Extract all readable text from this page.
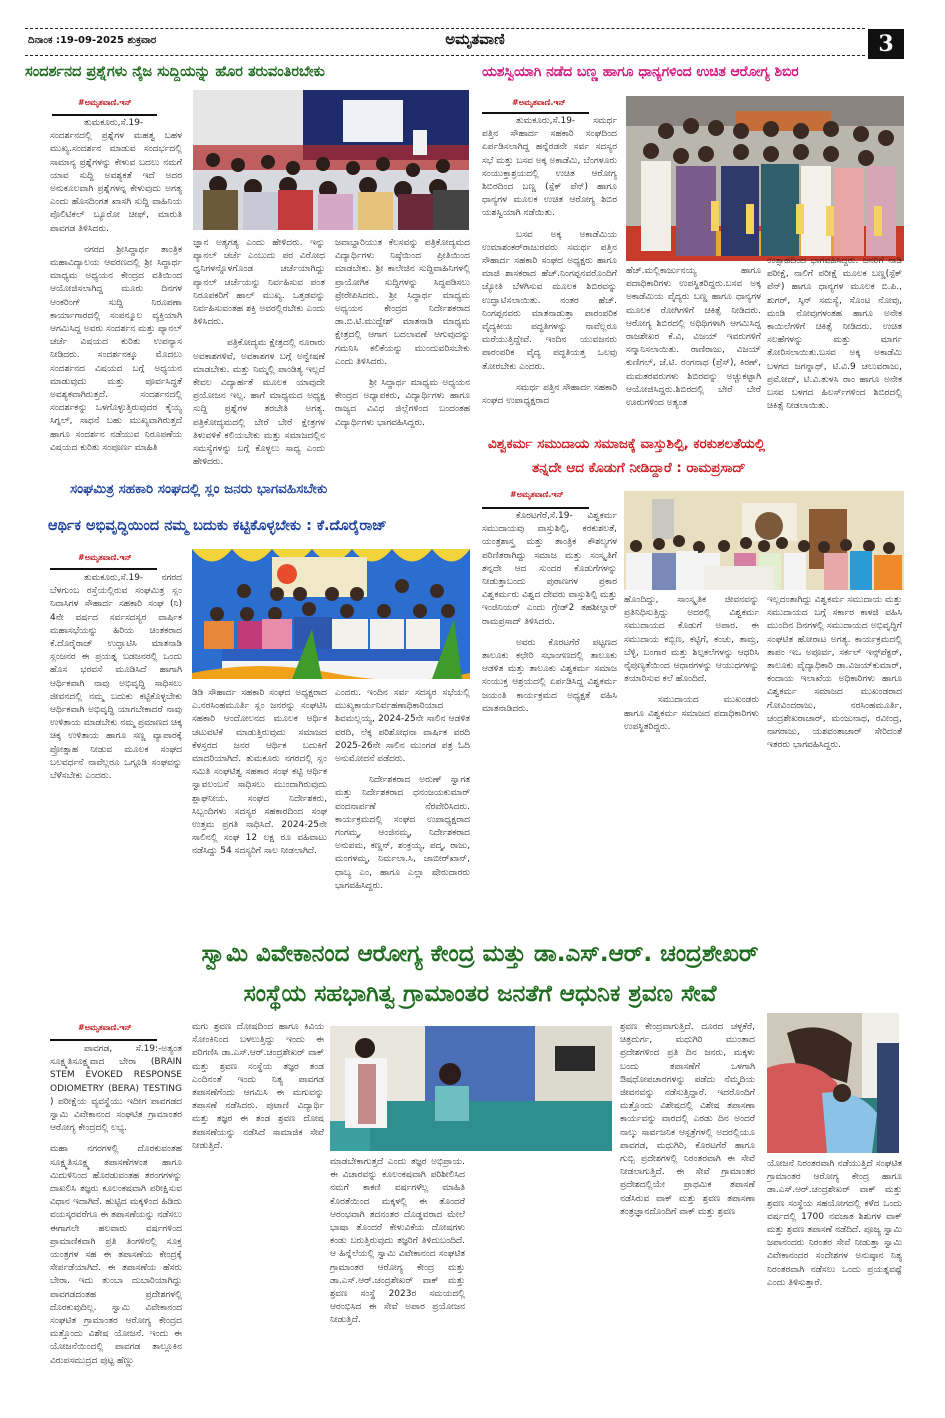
ದಿನಾಂಕ :19-09-2025 ಶುಕ್ರವಾರ	ಅಮೃತವಾಣಿ	3
ಸಂದರ್ಶನದ ಪ್ರಶ್ನೆಗಳು ನೈಜ ಸುದ್ದಿಯನ್ನು ಹೊರ ತರುವಂತಿರಬೇಕು
#ಅಮೃತವಾಣಿ.ಇನ್

ತುಮಕೂರು,ಸೆ.19- ಸಂದರ್ಶನದಲ್ಲಿ ಪ್ರಶ್ನೆಗಳ ಮಹತ್ವ ಬಹಳ ಮುಖ್ಯ.ಸಂದರ್ಶನ ಮಾಡುವ ಸಂದರ್ಭದಲ್ಲಿ ಸಾಮಾನ್ಯ ಪ್ರಶ್ನೆಗಳನ್ನು ಕೇಳುವ ಬದಲು ನಮಗೆ ಯಾವ ಸುದ್ದಿ ಅವಶ್ಯಕತೆ ಇದೆ ಅದರ ಅನುಕೂಲವಾಗಿ ಪ್ರಶ್ನೆಗಳನ್ನ ಕೇಳುವುದು ಅಗತ್ಯ ಎಂದು ಹೊಸದಿಂಗತ ಖಾಸಗಿ ಸುದ್ದಿ ವಾಹಿನಿಯ ಪೊಲಿಟಿಕಲ್ ಬ್ಯೂರೋ ಚೀಫ್, ಮಾರುತಿ ಪಾವಗಡ ತಿಳಿಸಿದರು.

ನಗರದ ಶ್ರೀಸಿದ್ಧಾರ್ಥ ತಾಂತ್ರಿಕ ಮಹಾವಿದ್ಯಾಲಯ ಆವರಣದಲ್ಲಿ ಶ್ರೀ ಸಿದ್ಧಾರ್ಥ ಮಾಧ್ಯಮ ಅಧ್ಯಯನ ಕೇಂದ್ರದ ವತಿಯಿಂದ ಆಯೋಜಿಸಲಾಗಿದ್ದ ಮೂರು ದಿನಗಳ ಆಂಕರಿಂಗ್ ಸುದ್ದಿ ನಿರೂಪಣಾ ಕಾರ್ಯಾಗಾರದಲ್ಲಿ ಸಂಪನ್ಮೂಲ ವ್ಯಕ್ತಿಯಾಗಿ ಆಗಮಿಸಿದ್ದ ಅವರು ಸಂದರ್ಶನ ಮತ್ತು ಪ್ಯಾನಲ್ ಚರ್ಚೆ ವಿಷಯದ ಕುರಿತು ಉಪನ್ಯಾಸ ನೀಡಿದರು. ಸಂದರ್ಶನಕ್ಕೂ ಮೊದಲು ಸಂದರ್ಶನದ ವಿಷಯದ ಬಗ್ಗೆ ಅಧ್ಯಯನ ಮಾಡುವುದು ಮತ್ತು ಪೂರ್ವಸಿದ್ಧತೆ ಅವಶ್ಯಕವಾಗಿರುತ್ತದೆ. ಸಂದರ್ಶನದಲ್ಲಿ ಸಂದರ್ಶಕನ್ನು ಒಳಗೊಳ್ಳುತ್ತಿರುವುದರ ಕೈಯ್ಯ ಸಿಗ್ನಲ್, ಸಾಧನೆ ಬಹು ಮುಖ್ಯವಾಗಿರುತ್ತದೆ ಹಾಗೂ ಸಂದರ್ಶನ ನಡೆಯುವ ನಿರೂಪಣೆಯ ವಿಷಯದ ಕುರಿತು ಸಂಪೂರ್ಣ ಮಾಹಿತಿ

ಜ್ಞಾನ ಅತ್ಯಗತ್ಯ ಎಂದು ಹೇಳಿದರು. ಇನ್ನು ಪ್ಯಾನಲ್ ಚರ್ಚೆ ಎಂಬುದು ಪರ ವಿರೋಧ ಧ್ವನಿಗಳನ್ನೊಳಗೊಂಡ ಚರ್ಚೆಯಾಗಿದ್ದು ಪ್ಯಾನಲ್ ಚರ್ಚೆಯನ್ನು ನಿರ್ವಹಿಸುವ ಪಂತ ನಿರೂಪಕರಿಗೆ ಹಾಲ್ ಮುಖ್ಯ. ಒತ್ತಡವನ್ನು ನಿರ್ವಹಿಸುವಂತಹ ಶಕ್ತಿ ಅವರಲ್ಲಿರಬೇಕು ಎಂದು ತಿಳಿಸಿದರು.

ಪತ್ರಿಕೋದ್ಯಮ ಕ್ಷೇತ್ರದಲ್ಲಿ ನೂರಾರು ಅವಕಾಶಗಳಿವೆ, ಅವಕಾಶಗಳ ಬಗ್ಗೆ ಅನ್ವೇಷಣೆ ಮಾಡಬೇಕು. ಮತ್ತು ನಿಮ್ಮಲ್ಲಿ ಪಾಂಡಿತ್ಯ ಇಲ್ಲದೆ ಕೇವಲ ವಿದ್ಯಾರ್ಹತೆ ಮೂಲಕ ಯಾವುದೇ ಪ್ರಯೋಜನ ಇಲ್ಲ. ಹಾಗೆ ಮಾಧ್ಯಮದ ಅಧ್ಯಕ್ಷ ಸುದ್ದಿ ಪ್ರಶ್ನೆಗಳ ತರಬೇತಿ ಅಗತ್ಯ. ಪತ್ರಿಕೋದ್ಯಮದಲ್ಲಿ ಬೇರೆ ಬೇರೆ ಕ್ಷೇತ್ರಗಳ ತಿಳುವಳಿಕೆ ಕಲಿಯಬೇಕು ಮತ್ತು ಸಮಾಜದಲ್ಲಿನ ಸಮಸ್ಯೆಗಳನ್ನು ಬಗ್ಗೆ ಕೊಳ್ಳಲು ಸಾಧ್ಯ ಎಂದು ಹೇಳಿದರು.

ಜವಾಬ್ದಾರಿಯುತ ಕೆಲಸವನ್ನು ಪತ್ರಿಕೋದ್ಯಮದ ವಿದ್ಯಾರ್ಥಿಗಳು ನಿಷ್ಠೆಯಿಂದ ಪ್ರೀತಿಯಿಂದ ಮಾಡಬೇಕು. ಶ್ರೀ ಕಾಲೇಜಿನ ಸುದ್ದಿವಾಹಿನಿಗಳಲ್ಲಿ ಪ್ರಾಯೋಗಿಕ ಸುದ್ದಿಗಳನ್ನು ಸಿದ್ಧಪಡಿಸಲು ಪ್ರೇರೇಪಿಸಿದರು. ಶ್ರೀ ಸಿದ್ಧಾರ್ಥ ಮಾಧ್ಯಮ ಅಧ್ಯಯನ ಕೇಂದ್ರದ ನಿರ್ದೇಶಕರಾದ ಡಾ.ಬಿ.ಟಿ.ಮುದ್ದೇಶ್ ಮಾತನಾಡಿ ಮಾಧ್ಯಮ ಕ್ಷೇತ್ರದಲ್ಲಿ ಆಗಾಗ ಬದಲಾವಣೆ ಆಗುವುದನ್ನು ಗಮನಿಸಿ ಕಲಿಕೆಯನ್ನು ಮುಂದುವರಿಸಬೇಕು ಎಂದು ತಿಳಿಸಿದರು.

ಶ್ರೀ ಸಿದ್ಧಾರ್ಥ ಮಾಧ್ಯಮ ಅಧ್ಯಯನ ಕೇಂದ್ರದ ಅಧ್ಯಾಪಕರು, ವಿದ್ಯಾರ್ಥಿಗಳು ಹಾಗೂ ರಾಜ್ಯದ ವಿವಿಧ ಜಿಲ್ಲೆಗಳಿಂದ ಬಂದಂತಹ ವಿದ್ಯಾರ್ಥಿಗಳು ಭಾಗವಹಿಸಿದ್ದರು.

ಯಶಸ್ವಿಯಾಗಿ ನಡೆದ ಬಣ್ಣ ಹಾಗೂ ಧಾನ್ಯಗಳಿಂದ ಉಚಿತ ಆರೋಗ್ಯ ಶಿಬಿರ
#ಅಮೃತವಾಣಿ.ಇನ್

ತುಮಕೂರು,ಸೆ.19- ಸಮರ್ಥ ಪತ್ತಿನ ಸೌಹಾರ್ದ ಸಹಕಾರಿ ಸಂಘದಿಂದ ಏರ್ಪಡಿಸಲಾಗಿದ್ದ ಹನ್ನೆರಡನೇ ಸರ್ವ ಸದಸ್ಯರ ಸಭೆ ಮತ್ತು ಬಸವ ಅಕ್ಕ ಅಕಾಡೆಮಿ, ಬೆಂಗಳೂರು ಸಂಯುಕ್ತಾಶ್ರಯದಲ್ಲಿ ಉಚಿತ ಆರೋಗ್ಯ ಶಿಬಿರದಿಂದ ಬಣ್ಣ (ಸ್ಪೆಕ್ ಪೆನ್) ಹಾಗೂ ಧಾನ್ಯಗಳ ಮೂಲಕ ಉಚಿತ ಆರೋಗ್ಯ ಶಿಬಿರ ಯಶಸ್ವಿಯಾಗಿ ನಡೆಯಿತು.

ಬಸವ ಅಕ್ಕ ಅಕಾಡೆಮಿಯ ಉಮಾಶಂಕರ್‌ರಾಜುರವರು ಸಮರ್ಥ ಪತ್ತಿನ ಸೌಹಾರ್ದ ಸಹಕಾರಿ ಸಂಘದ ಅಧ್ಯಕ್ಷರು ಹಾಗೂ ಮಾಜಿ ಶಾಸಕರಾದ ಹೆಚ್.ನಿಂಗಪ್ಪನವರೊಂದಿಗೆ ಜ್ಯೋತಿ ಬೆಳಗಿಸುವ ಮೂಲಕ ಶಿಬಿರವನ್ನು ಉದ್ಘಾಟಿಸಲಾಯಿತು. ನಂತರ ಹೆಚ್. ನಿಂಗಪ್ಪನವರು ಮಾತನಾಡುತ್ತಾ ಪಾರಂಪರಿಕ ವೈದ್ಯಕೀಯ ಪದ್ಧತಿಗಳನ್ನು ನಾವೆಲ್ಲರೂ ಮರೆಯುತ್ತಿದ್ದೇವೆ. ಇಂದಿನ ಯುವಜನರು ಪಾರಂಪರಿಕ ವೈದ್ಯ ಪದ್ಧತಿಯತ್ತ ಒಲವು ತೋರಬೇಕು ಎಂದರು.

ಸಮರ್ಥ ಪತ್ತಿನ ಸೌಹಾರ್ದ ಸಹಕಾರಿ ಸಂಘದ ಉಪಾಧ್ಯಕ್ಷರಾದ

ಹೆಚ್.ಮಲ್ಲಿಕಾರ್ಜುನಯ್ಯ ಹಾಗೂ ಪದಾಧಿಕಾರಿಗಳು ಉಪಸ್ಥಿತರಿದ್ದರು.ಬಸವ ಅಕ್ಕ ಅಕಾಡೆಮಿಯ ವೈದ್ಯರು ಬಣ್ಣ ಹಾಗೂ ಧಾನ್ಯಗಳ ಮೂಲಕ ರೋಗಿಗಳಿಗೆ ಚಿಕಿತ್ಸೆ ನೀಡಿದರು. ಆರೋಗ್ಯ ಶಿಬಿರದಲ್ಲಿ ಅಧಿಥಿಗಳಾಗಿ ಆಗಮಿಸಿದ್ದ ರಾಜಶೇಖರ ಕೆ.ವಿ, ವಿಜಯ್ ಇವರುಗಳಿಗೆ ಸನ್ಮಾನಿಸಲಾಯಿತು. ರಾಣಿರಾಜು, ವಿಜಯ್ ಕುಣಿಗಲ್, ಜೆ.ಟಿ. ರಂಗನಾಥ (ಪ್ರೆಸ್), ಕಿರಣ್, ಮಮತರವರುಗಳು ಶಿಬಿರವನ್ನು ಅಚ್ಚುಕಟ್ಟಾಗಿ ಆಯೋಜಿಸಿದ್ದರು.ಶಿಬಿರದಲ್ಲಿ ಬೇರೆ ಬೇರೆ ಊರುಗಳಿಂದ ಅತ್ಯಂತ

ಉತ್ಸಾಹದಿಂದ ಭಾಗವಹಿಸಿದ್ದರು. ಜನರಿಗೆ ನಾಡಿ ಪರೀಕ್ಷೆ, ನಾಲಿಗೆ ಪರೀಕ್ಷೆ ಮೂಲಕ ಬಣ್ಣ(ಸ್ಪೆಕ್ ಪೆನ್) ಹಾಗೂ ಧಾನ್ಯಗಳ ಮೂಲಕ ಬಿ.ಪಿ., ಶುಗರ್, ಸ್ಕಿನ್ ಸಮಸ್ಯೆ, ಸೊಂಟ ನೋವು, ಮಂಡಿ ನೋವುಗಳಂತಹ ಹಾಗೂ ಅನೇಕ ಕಾಯಿಲೆಗಳಿಗೆ ಚಿಕಿತ್ಸೆ ನೀಡಿದರು. ಉಚಿತ ಸಲಹೆಗಳನ್ನು ಮತ್ತು ಮಾರ್ಗ ತೋರಿಸಲಾಯಿತು.ಬಸವ ಅಕ್ಕ ಅಕಾಡೆಮಿ ಬಳಗದ ಜಗನ್ನಾಥ್, ಟಿ.ವಿ.9 ಚಲುವರಾಜು, ಪ್ರಮೋದ್, ಟಿ.ವಿ.ತುಳಸಿ ರಾಂ ಹಾಗೂ ಅನೇಕ ಬಸವ ಬಳಗದ ಹಿಲರ್ಸ್‌ಗಳಿಂದ ಶಿಬಿರದಲ್ಲಿ ಚಿಕಿತ್ಸೆ ನೀಡಲಾಯಿತು.

ಸಂಘಮಿತ್ರ ಸಹಕಾರಿ ಸಂಘದಲ್ಲಿ ಸ್ಲಂ ಜನರು ಭಾಗವಹಿಸಬೇಕು
ಆರ್ಥಿಕ ಅಭಿವೃದ್ಧಿಯಿಂದ ನಮ್ಮ ಬದುಕು ಕಟ್ಟಿಕೊಳ್ಳಬೇಕು : ಕೆ.ದೊರೈರಾಜ್
#ಅಮೃತವಾಣಿ.ಇನ್

ತುಮಕೂರು,ಸೆ.19- ನಗರದ ಬೆಳಗುಂಬ ರಸ್ತೆಯಲ್ಲಿರುವ ಸಂಘಮಿತ್ರ ಸ್ಲಂ ನಿವಾಸಿಗಳ ಸೌಹಾರ್ದ ಸಹಕಾರಿ ಸಂಘ (ನಿ) 4ನೇ ವರ್ಷದ ಸರ್ವಸದಸ್ಯರ ವಾರ್ಷಿಕ ಮಹಾಸಭೆಯನ್ನು ಹಿರಿಯ ಚಿಂತಕರಾದ ಕೆ.ದೊರೈರಾಜ್ ಉದ್ಘಾಟಿಸಿ ಮಾತನಾಡಿ ಸ್ಲಂಜನರ ಈ ಪ್ರಯತ್ನ ಬಡಜನರಲ್ಲಿ ಒಂದು ಹೊಸ ಭರವಸೆ ಮೂಡಿಸಿದೆ ಹಾಗಾಗಿ ಆರ್ಥಿಕವಾಗಿ ನಾವು ಅಭಿವೃದ್ಧಿ ಸಾಧಿಸಲು ಜೀವನದಲ್ಲಿ ನಮ್ಮ ಬದುಕು ಕಟ್ಟಿಕೊಳ್ಳಬೇಕು ಆರ್ಥಿಕವಾಗಿ ಅಭಿವೃದ್ಧಿ ಯಾಗಬೇಕಾದರೆ ನಾವು ಉಳಿತಾಯ ಮಾಡಬೇಕು ನಮ್ಮ ಪ್ರಮಾಣದ ಚಿಕ್ಕ ಚಿಕ್ಕ ಉಳಿತಾಯ ಹಾಗೂ ಸಣ್ಣ ವ್ಯಾಪಾರಕ್ಕೆ ಪ್ರೋತ್ಸಾಹ ನೀಡುವ ಮೂಲಕ ಸಂಘದ ಬಲವರ್ಧನೆ ನಾವೆಲ್ಲರೂ ಒಗ್ಗೂಡಿ ಸಂಘವನ್ನು ಬೆಳೆಸಬೇಕು ಎಂದರು.

ಡಿಡಿ ಸೌಹಾರ್ದ ಸಹಕಾರಿ ಸಂಘದ ಅಧ್ಯಕ್ಷರಾದ ಎ.ನರಸಿಂಹಮೂರ್ತಿ ಸ್ಲಂ ಜನರನ್ನು ಸಂಘಟಿಸಿ ಸಹಕಾರಿ ಆಂದೋಲನದ ಮೂಲಕ ಆರ್ಥಿಕ ಚಟುವಟಿಕೆ ಮಾಡುತ್ತಿರುವುದು ಸಮಾಜದ ಕೆಳಸ್ತರದ ಜನರ ಆರ್ಥಿಕ ಬದುಕಿಗೆ ಮಾದರಿಯಾಗಿದೆ. ತುಮಕೂರು ನಗರದಲ್ಲಿ ಸ್ಲಂ ಸಮಿತಿ ಸಂಘಟಿತ್ವ ಸಹಕಾರ ಸಂಘ ಕಟ್ಟಿ ಆರ್ಥಿಕ ಸ್ವಾವಲಂಬನೆ ಸಾಧಿಸಲು ಮುಂದಾಗಿರುವುದು ಶ್ಲಾಘನೀಯ. ಸಂಘದ ನಿರ್ದೇಶಕರು, ಸಿಬ್ಬಂದಿಗಳು ಸದಸ್ಯರ ಸಹಕಾರದಿಂದ ಸಂಘ ಉತ್ತಮ ಪ್ರಗತಿ ಸಾಧಿಸಿದೆ. 2024-25ನೇ ಸಾಲಿನಲ್ಲಿ ಸಂಘ 12 ಲಕ್ಷ ರೂ ವಹಿವಾಟು ನಡೆಸಿದ್ದು 54 ಸದಸ್ಯರಿಗೆ ಸಾಲ ನೀಡಲಾಗಿದೆ.

ಎಂದರು. ಇಂದಿನ ಸರ್ವ ಸದಸ್ಯರ ಸಭೆಯಲ್ಲಿ ಮುಖ್ಯಕಾರ್ಯನಿರ್ವಹಣಾಧಿಕಾರಿಯಾದ ಶಿವಮಲ್ಲಯ್ಯ, 2024-25ನೇ ಸಾಲಿನ ಆಡಳಿತ ವರದಿ, ಲೆಕ್ಕ ಪರಿಶೋಧನಾ ವಾರ್ಷಿಕ ವರದಿ 2025-26ನೇ ಸಾಲಿನ ಮುಂಗಡ ಪತ್ರ ಓದಿ ಅನುಮೋದನೆ ಪಡೆದರು.

ನಿರ್ದೇಶಕರಾದ ಅರುಣ್ ಸ್ವಾಗತ ಮತ್ತು ನಿರ್ದೇಶಕರಾದ ಧನಂಜಯಕುಮಾರ್ ವಂದನಾರ್ಪಣೆ ನೆರವೇರಿಸಿದರು. ಕಾರ್ಯಕ್ರಮದಲ್ಲಿ ಸಂಘದ ಉಪಾಧ್ಯಕ್ಷರಾದ ಗಂಗಮ್ಮ, ಆಂಜಿನಮ್ಮ, ನಿರ್ದೇಶಕರಾದ ಅನುಪಮ, ಕಣ್ಣನ್, ಶಂಕ್ರಯ್ಯ, ಪದ್ಮ, ರಾಜು, ಮಂಗಳಮ್ಮ, ನಿರ್ಮಲಾ.ಸಿ, ಜಾಬೀರ್‌ಖಾನ್, ಧಾಬ್ಯ ಎಂ, ಹಾಗೂ ಎಲ್ಲಾ ಷೇರುದಾರರು ಭಾಗವಹಿಸಿದ್ದರು.

ವಿಶ್ವಕರ್ಮ ಸಮುದಾಯ ಸಮಾಜಕ್ಕೆ ವಾಸ್ತುಶಿಲ್ಪಿ, ಕರಕುಶಲತೆಯಲ್ಲಿ
ತನ್ನದೇ ಆದ ಕೊಡುಗೆ ನೀಡಿದ್ದಾರೆ : ರಾಮಪ್ರಸಾದ್
#ಅಮೃತವಾಣಿ.ಇನ್

ಕೊರಟಗೆರೆ,ಸೆ.19- ವಿಶ್ವಕರ್ಮ ಸಮುದಾಯವು ವಾಸ್ತುಶಿಲ್ಪಿ, ಕರಕುಶಲತೆ, ಯಂತ್ರಶಾಸ್ತ್ರ ಮತ್ತು ತಾಂತ್ರಿಕ ಕೌಶಲ್ಯಗಳ ಪರಿಣಿತರಾಗಿದ್ದು ಸಮಾಜ ಮತ್ತು ಸಂಸ್ಕೃತಿಗೆ ತನ್ನದೇ ಆದ ಸುಂದರ ಕೊಡುಗೆಗಳನ್ನು ನೀಡುತ್ತಾಬಂದು ಪುರಾಣಗಳ ಪ್ರಕಾರ ವಿಶ್ವಕರ್ಮರು ವಿಶ್ವದ ದೇವರು ವಾಸ್ತುಶಿಲ್ಪಿ ಮತ್ತು ಇಂಜಿನಿಯರ್ ಎಂದು ಗ್ರೇಡ್2 ತಹಶೀಲ್ದಾರ್ ರಾಮಪ್ರಸಾದ್ ತಿಳಿಸಿದರು.

ಅವರು ಕೊರಟಗೆರೆ ಪಟ್ಟಣದ ತಾಲೂಕು ಕಛೇರಿ ಸಭಾಂಗಣದಲ್ಲಿ ತಾಲೂಕು ಆಡಳಿತ ಮತ್ತು ತಾಲೂಕು ವಿಶ್ವಕರ್ಮ ಸಮಾಜ ಸಂಯುಕ್ತ ಆಶ್ರಯದಲ್ಲಿ ಏರ್ಪಡಿಸಿದ್ದ ವಿಶ್ವಕರ್ಮ ಜಯಂತಿ ಕಾರ್ಯಕ್ರಮದ ಅಧ್ಯಕ್ಷತೆ ವಹಿಸಿ ಮಾತನಾಡಿದರು.

ಹೊಂದಿದ್ದು, ಸಾಂಸ್ಕೃತಿಕ ಜೀವನವನ್ನು ಪ್ರತಿನಿಧಿಸುತ್ತಿದ್ದು ಅದರಲ್ಲಿ ವಿಶ್ವಕರ್ಮ ಸಮುದಾಯದ ಕೊಡುಗೆ ಅಪಾರ. ಈ ಸಮುದಾಯ ಕಬ್ಬಿಣ, ಕಟ್ಟಿಗೆ, ಕಂಚು, ತಾಮ್ರ, ಬೆಳ್ಳಿ, ಬಂಗಾರ ಮತ್ತು ಶಿಲ್ಪಕಲೆಗಳನ್ನು ಆಧರಿಸಿ ನೈಪುಣ್ಯತೆಯಿಂದ ಆಧಾರಗಳನ್ನು ಆಯುಧಗಳನ್ನು ತಯಾರಿಸುವ ಕಲೆ ಹೊಂದಿದೆ.

ಸಮುದಾಯದ ಮುಖಂಡರು ಹಾಗೂ ವಿಶ್ವಕರ್ಮ ಸಮಾಜದ ಪದಾಧಿಕಾರಿಗಳು ಉಪಸ್ಥಿತರಿದ್ದರು.

ಇಲ್ಲದಂತಾಗಿದ್ದು ವಿಶ್ವಕರ್ಮ ಸಮುದಾಯ ಮತ್ತು ಸಮುದಾಯದ ಬಗ್ಗೆ ಸರ್ಕಾರ ಕಾಳಜಿ ವಹಿಸಿ ಮುಂದಿನ ದಿನಗಳಲ್ಲಿ ಸಮುದಾಯದ ಅಭಿವೃದ್ಧಿಗೆ ಸಂಘಟಿತ ಹೋರಾಟ ಅಗತ್ಯ. ಕಾರ್ಯಕ್ರಮದಲ್ಲಿ ತಾಪಂ ಇಒ ಅಪೂರ್ವ, ಸರ್ಕಲ್ ಇನ್ಸ್‌ಪೆಕ್ಟರ್, ತಾಲೂಕು ವೈದ್ಯಾಧಿಕಾರಿ ಡಾ.ವಿಜಯ್‌ಕುಮಾರ್, ಕಂದಾಯ ಇಲಾಖೆಯ ಅಧಿಕಾರಿಗಳು ಹಾಗೂ ವಿಶ್ವಕರ್ಮ ಸಮಾಜದ ಮುಖಂಡರಾದ ಗೋವಿಂದರಾಜು, ನರಸಿಂಹಮೂರ್ತಿ, ಚಂದ್ರಶೇಖರಾಚಾರ್, ಮಂಜುನಾಥ, ರವೀಂದ್ರ, ನಾಗರಾಜು, ಯಶವಂತಾಚಾರ್ ಸೇರಿದಂತೆ ಇತರರು ಭಾಗವಹಿಸಿದ್ದರು.

ಸ್ವಾಮಿ ವಿವೇಕಾನಂದ ಆರೋಗ್ಯ ಕೇಂದ್ರ ಮತ್ತು ಡಾ.ಎಸ್.ಆರ್. ಚಂದ್ರಶೇಖರ್
ಸಂಸ್ಥೆಯ ಸಹಭಾಗಿತ್ವ ಗ್ರಾಮಾಂತರ ಜನತೆಗೆ ಆಧುನಿಕ ಶ್ರವಣ ಸೇವೆ
#ಅಮೃತವಾಣಿ.ಇನ್

ಪಾವಗಡ, ಸೆ.19:-ಅತ್ಯಂತ ಸೂಕ್ಷ್ಮತಿಸೂಕ್ಷ್ಮವಾದ ಬೇರಾ (BRAIN STEM EVOKED RESPONSE ODIOMETRY (BERA) TESTING ) ಪರೀಕ್ಷೆಯ ವ್ಯವಸ್ಥೆಯು ಇದೀಗ ಪಾವಗಡದ ಸ್ವಾಮಿ ವಿವೇಕಾನಂದ ಸಂಘಟಿತ ಗ್ರಾಮಾಂತರ ಆರೋಗ್ಯ ಕೇಂದ್ರದಲ್ಲಿ ಲಭ್ಯ.

ಮಹಾ ನಗರಗಳಲ್ಲಿ ದೊರಕುವಂತಹ ಸೂಕ್ಷ್ಮತಿಸೂಕ್ಷ್ಮ ತಪಾಸಣೆಗಳಂತ ಹಾಗೂ ಮಿದುಳಿನಿಂದ ಹೊರಡುವಂತಹ ತರಂಗಗಳನ್ನು ದಾಖಲಿಸಿ ತಜ್ಞರು ಕೂಲಂಕಷವಾಗಿ ಪರೀಕ್ಷಿಸುವ ವಿಧಾನ ಇದಾಗಿದೆ. ಹುಟ್ಟಿದ ಮಕ್ಕಳಿಂದ ಹಿಡಿದು ವಯಸ್ಕರವರೆಗೂ ಈ ತಪಾಸಣೆಯನ್ನು ನಡೆಸಲು ಈಗಾಗಲೇ ಹಲವಾರು ವರ್ಷಗಳಿಂದ ಪ್ರಾಮಾಣಿಕವಾಗಿ ಪ್ರತಿ ತಿಂಗಳಿನಲ್ಲಿ ಸೂಕ್ತ ಯಂತ್ರಗಳ ಸಹ ಈ ತಪಾಸಣೆಯ ಕೇಂದ್ರಕ್ಕೆ ಸೇರ್ಪಡೆಯಾಗಿದೆ. ಈ ತಪಾಸಣೆಯ ಹೆಸರು ಬೇರಾ. ಇದು ತುಂಬಾ ದುಬಾರಿಯಾಗಿದ್ದು ಪಾವಗಡದಂತಹ ಪ್ರದೇಶಗಳಲ್ಲಿ ದೊರಕುವುದಿಲ್ಲ. ಸ್ವಾಮಿ ವಿವೇಕಾನಂದ ಸಂಘಟಿತ ಗ್ರಾಮಾಂತರ ಆರೋಗ್ಯ ಕೇಂದ್ರದ ಮತ್ತೊಂದು ವಿಶೇಷ ಯೋಜನೆ. ಇಂದು ಈ ಯೋಜನೆಯಿಂದಲ್ಲಿ ಪಾವಗಡ ತಾಲ್ಲೂಕಿನ ವಿರುಪಸಮುದ್ರದ ಪುಟ್ಟ ಹೆಣ್ಣು

ಮಗು ಶ್ರವಣ ದೋಷದಿಂದ ಹಾಗೂ ಕಿವಿಯ ಸೋಂಕಿನಿಂದ ಬಳಲುತ್ತಿದ್ದು ಇಂದು ಈ ಪರಿಗಣಿಸಿ ಡಾ.ಎಸ್.ಆರ್.ಚಂದ್ರಶೇಖರ್ ವಾಕ್ ಮತ್ತು ಶ್ರವಣ ಸಂಸ್ಥೆಯ ತಜ್ಞರ ತಂಡ ಎಂದಿನಂತೆ ಇಂದು ನಿತ್ಯ ಪಾವಗಡ ತಪಾಸಣೆಗೆಂದು ಆಗಮಿಸಿ ಈ ಮಗುವನ್ನು ತಪಾಸಣೆ ನಡೆಸಿದರು. ಪುಟಾಣಿ ವಿದ್ಯಾರ್ಥಿ ಮತ್ತು ತಜ್ಞರ ಈ ತಂಡ ಶ್ರವಣ ದೋಷ ತಪಾಸಣೆಯನ್ನು ನಡೆಸಿದೆ ಸಾಮಾಜಿಕ ಸೇವೆ ನೀಡುತ್ತಿದೆ.

ಮಾಡಬೇಕಾಗುತ್ತದೆ ಎಂದು ತಜ್ಞರ ಅಭಿಪ್ರಾಯ. ಈ ವಿಚಾರವನ್ನು ಕೂಲಂಕಷವಾಗಿ ಪರಿಶೀಲಿಸಿದ ನಮಗೆ ಕಾಕಣಿ ವರ್ಷಗಳೆಲ್ಲ ಮಾಹಿತಿ ಕೊರತೆಯಿಂದ ಮಕ್ಕಳಲ್ಲಿ ಈ ತೊಂದರೆ ಆರಂಭವಾಗಿ ತದನಂತರ ದೊಡ್ಡವರಾದ ಮೇಲೆ ಭಾಷಾ ತೊಂದರೆ ಕೇಳುವಿಕೆಯ ದೋಷಗಳು ಕಂಡು ಬರುತ್ತಿರುವುದು ತಜ್ಞರಿಗೆ ತಿಳಿದುಬಂದಿದೆ. ಆ ಹಿನ್ನೆಲೆಯಲ್ಲಿ ಸ್ವಾಮಿ ವಿವೇಕಾನಂದ ಸಂಘಟಿತ ಗ್ರಾಮಾಂತರ ಆರೋಗ್ಯ ಕೇಂದ್ರ ಮತ್ತು ಡಾ.ಎಸ್.ಆರ್.ಚಂದ್ರಶೇಖರ್ ವಾಕ್ ಮತ್ತು ಶ್ರವಣ ಸಂಸ್ಥೆ 2023ರ ಸಮಯದಲ್ಲಿ ಆರಂಭಿಸಿದ ಈ ಸೇವೆ ಅಪಾರ ಪ್ರಯೋಜನ ನೀಡುತ್ತಿದೆ.

ಶ್ರವಣ ಕೇಂದ್ರವಾಗುತ್ತಿದೆ. ದೂರದ ಚಳ್ಳಕೆರೆ, ಚಿತ್ರದುರ್ಗ, ಮಧುಗಿರಿ ಮುಂತಾದ ಪ್ರದೇಶಗಳಿಂದ ಪ್ರತಿ ದಿನ ಜನರು, ಮಕ್ಕಳು ಬಂದು ತಪಾಸಣೆಗೆ ಒಳಗಾಗಿ ಔಷಧೋಪಚಾರಗಳನ್ನು ಪಡೆದು ನೆಮ್ಮದಿಯ ಜೀವನವನ್ನು ನಡೆಸುತ್ತಿದ್ದಾರೆ. ಇದರೊಂದಿಗೆ ಮತ್ತೊಂದು ವಿಶೇಷದಲ್ಲಿ ವಿಶೇಷ ತಪಾಸಣಾ ಕಾರ್ಯವನ್ನು ವಾರದಲ್ಲಿ ಎರಡು ದಿನ ಅಂದರೆ ನಾಲ್ಕು ಸಾರ್ವಜನಿಕ ಆಸ್ಪತ್ರೆಗಳಲ್ಲಿ ಅದರಲ್ಲಿಯೂ ಪಾವಗಡ, ಮಧುಗಿರಿ, ಕೊರಟಗೆರೆ ಹಾಗೂ ಗುಬ್ಬಿ ಪ್ರದೇಶಗಳಲ್ಲಿ ನಿರಂತರವಾಗಿ ಈ ಸೇವೆ ನೀಡಲಾಗುತ್ತಿದೆ. ಈ ಸೇವೆ ಗ್ರಾಮಾಂತರ ಪ್ರದೇಶದಲ್ಲಿಯೇ ಪ್ರಾಥಮಿಕ ತಪಾಸಣೆ ನಡೆಸಿರುವ ವಾಕ್ ಮತ್ತು ಶ್ರವಣ ತಪಾಸಣಾ ತಂತ್ರಜ್ಞಾನದೊಂದಿಗೆ ವಾಕ್ ಮತ್ತು ಶ್ರವಣ

ಯೋಜನೆ ನಿರಂತರವಾಗಿ ನಡೆಯುತ್ತಿದೆ ಸಂಘಟಿತ ಗ್ರಾಮಾಂತರ ಆರೋಗ್ಯ ಕೇಂದ್ರ ಹಾಗೂ ಡಾ.ಎಸ್.ಆರ್.ಚಂದ್ರಶೇಖರ್ ವಾಕ್ ಮತ್ತು ಶ್ರವಣ ಸಂಸ್ಥೆಯ ಸಹಯೋಗದಲ್ಲಿ ಕಳೆದ ಒಂದು ವರ್ಷದಲ್ಲಿ 1700 ನವಜಾತ ಶಿಶುಗಳ ವಾಕ್ ಮತ್ತು ಶ್ರವಣ ತಪಾಸಣೆ ನಡೆದಿದೆ. ಪೂಜ್ಯ ಸ್ವಾಮಿ ಜಪಾನಂದರು ನಿರಂತರ ಸೇವೆ ನೀಡುತ್ತಾ ಸ್ವಾಮಿ ವಿವೇಕಾನಂದರ ಸಂದೇಶಗಳ ಅನುಷ್ಠಾನ ನಿತ್ಯ ನಿರಂತರವಾಗಿ ನಡೆಸಲು ಒಂದು ಪ್ರಯತ್ನವಷ್ಟೆ ಎಂದು ತಿಳಿಸುತ್ತಾರೆ.
